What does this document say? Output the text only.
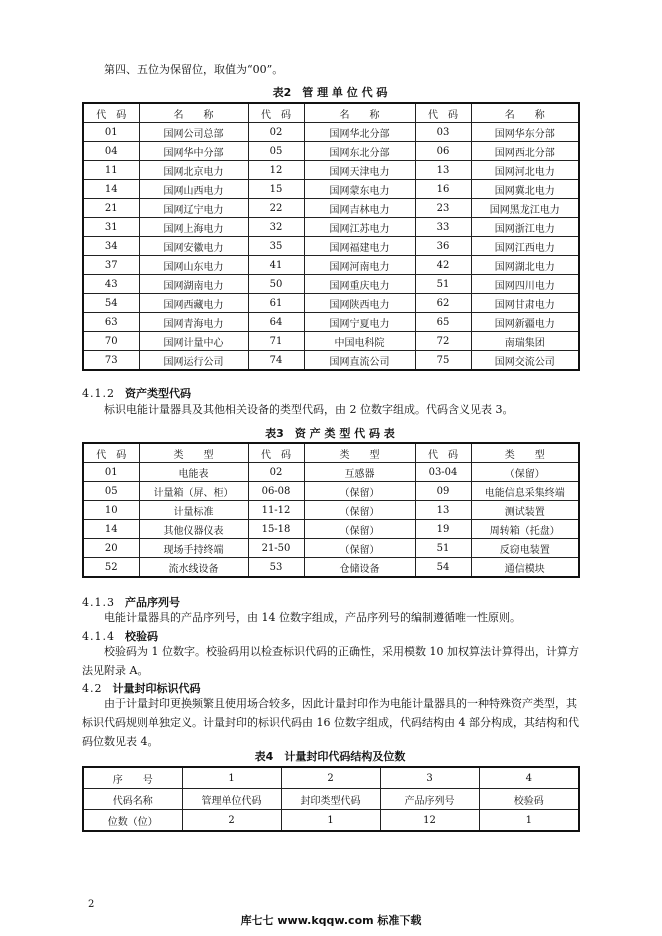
第四、五位为保留位，取值为“00”。
表2　管 理 单 位 代 码
代　码	名　　称	代　码	名　　称	代　码	名　　称
01	国网公司总部	02	国网华北分部	03	国网华东分部
04	国网华中分部	05	国网东北分部	06	国网西北分部
11	国网北京电力	12	国网天津电力	13	国网河北电力
14	国网山西电力	15	国网蒙东电力	16	国网冀北电力
21	国网辽宁电力	22	国网吉林电力	23	国网黑龙江电力
31	国网上海电力	32	国网江苏电力	33	国网浙江电力
34	国网安徽电力	35	国网福建电力	36	国网江西电力
37	国网山东电力	41	国网河南电力	42	国网湖北电力
43	国网湖南电力	50	国网重庆电力	51	国网四川电力
54	国网西藏电力	61	国网陕西电力	62	国网甘肃电力
63	国网青海电力	64	国网宁夏电力	65	国网新疆电力
70	国网计量中心	71	中国电科院	72	南瑞集团
73	国网运行公司	74	国网直流公司	75	国网交流公司
4.1.2 资产类型代码
标识电能计量器具及其他相关设备的类型代码，由 2 位数字组成。代码含义见表 3。
表3　资 产 类 型 代 码 表
代　码	类　　型	代　码	类　　型	代　码	类　　型
01	电能表	02	互感器	03-04	（保留）
05	计量箱（屏、柜）	06-08	（保留）	09	电能信息采集终端
10	计量标准	11-12	（保留）	13	测试装置
14	其他仪器仪表	15-18	（保留）	19	周转箱（托盘）
20	现场手持终端	21-50	（保留）	51	反窃电装置
52	流水线设备	53	仓储设备	54	通信模块
4.1.3 产品序列号
电能计量器具的产品序列号，由 14 位数字组成，产品序列号的编制遵循唯一性原则。
4.1.4 校验码
校验码为 1 位数字。校验码用以检查标识代码的正确性，采用模数 10 加权算法计算得出，计算方法见附录 A。
4.2 计量封印标识代码
由于计量封印更换频繁且使用场合较多，因此计量封印作为电能计量器具的一种特殊资产类型，其标识代码规则单独定义。计量封印的标识代码由 16 位数字组成，代码结构由 4 部分构成，其结构和代码位数见表 4。
表4　计量封印代码结构及位数
序　　号	1	2	3	4
代码名称	管理单位代码	封印类型代码	产品序列号	校验码
位数（位）	2	1	12	1
2
库七七 www.kqqw.com 标准下载
